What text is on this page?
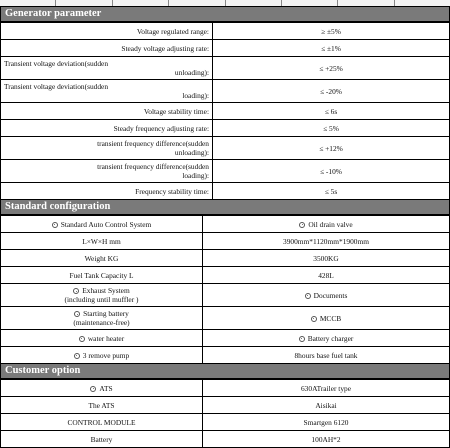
Generator parameter
Voltage regulated range:	≥ ±5%
Steady voltage adjusting rate:	≤ ±1%

Transient voltage deviation(sudden
unloading):	≤ +25%

Transient voltage deviation(sudden
loading):	≤ -20%
Voltage stability time:	≤ 6s
Steady frequency adjusting rate:	≤ 5%

transient frequency difference(sudden
unloading):	≤ +12%

transient frequency difference(sudden
loading):	≤ -10%
Frequency stability time:	≤ 5s
Standard configuration
Standard Auto Control System	Oil drain valve
L×W×H mm	3900mm*1120mm*1900mm
Weight KG	3500KG
Fuel Tank Capacity L	428L

Exhaust System
(including until muffler )	Documents

Starting battery
(maintenance-free)	MCCB
water heater	Battery charger
3 remove pump	8hours base fuel tank
Customer option
ATS	630ATrailer type
The ATS	Aisikai
CONTROL MODULE	Smartgen 6120
Battery	100AH*2
